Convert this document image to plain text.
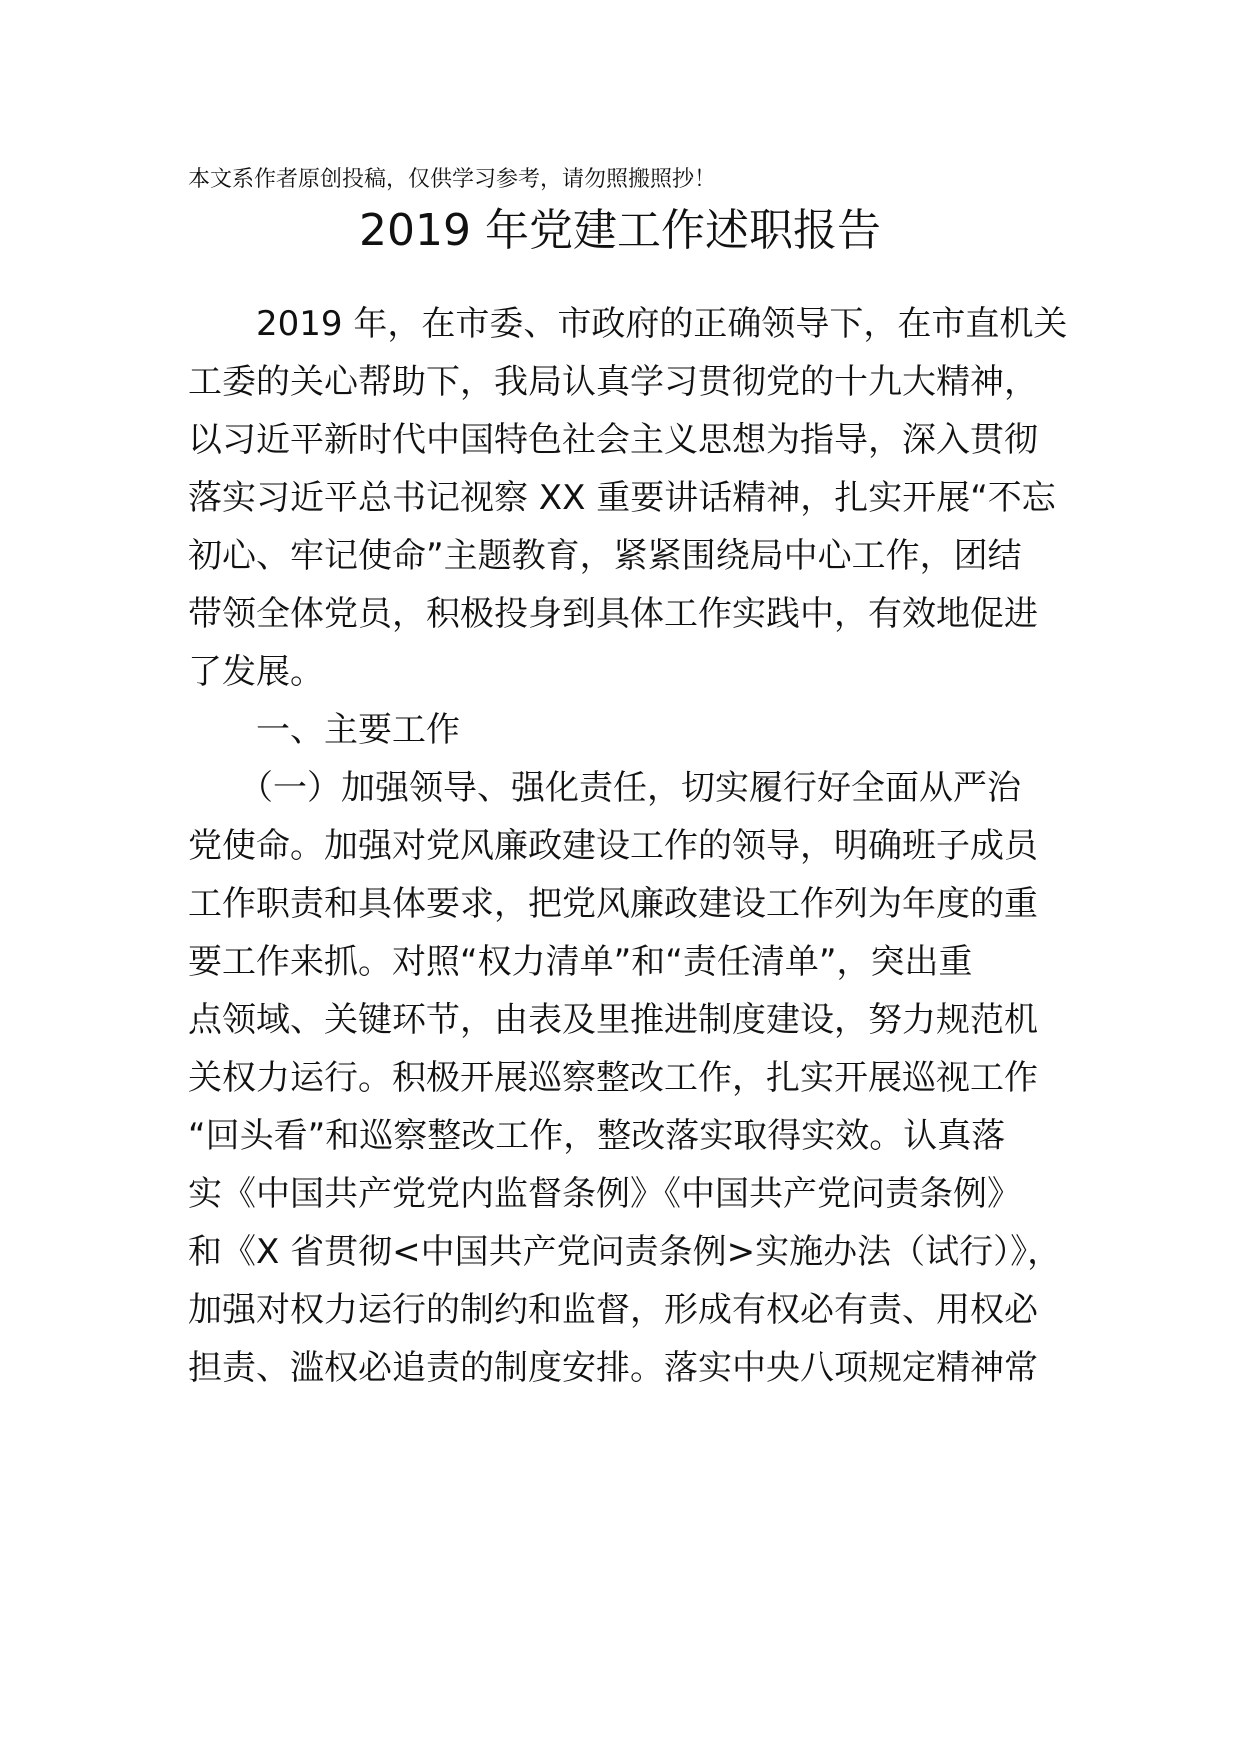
本文系作者原创投稿，仅供学习参考，请勿照搬照抄！
2019 年党建工作述职报告
　　2019 年，在市委、市政府的正确领导下，在市直机关
工委的关心帮助下，我局认真学习贯彻党的十九大精神，
以习近平新时代中国特色社会主义思想为指导，深入贯彻
落实习近平总书记视察 XX 重要讲话精神，扎实开展“不忘
初心、牢记使命”主题教育，紧紧围绕局中心工作，团结
带领全体党员，积极投身到具体工作实践中，有效地促进
了发展。
　　一、主要工作
　　（一）加强领导、强化责任，切实履行好全面从严治
党使命。加强对党风廉政建设工作的领导，明确班子成员
工作职责和具体要求，把党风廉政建设工作列为年度的重
要工作来抓。对照“权力清单”和“责任清单”，突出重
点领域、关键环节，由表及里推进制度建设，努力规范机
关权力运行。积极开展巡察整改工作，扎实开展巡视工作
“回头看”和巡察整改工作，整改落实取得实效。认真落
实《中国共产党党内监督条例》《中国共产党问责条例》
和《X 省贯彻<中国共产党问责条例>实施办法（试行）》，
加强对权力运行的制约和监督，形成有权必有责、用权必
担责、滥权必追责的制度安排。落实中央八项规定精神常
